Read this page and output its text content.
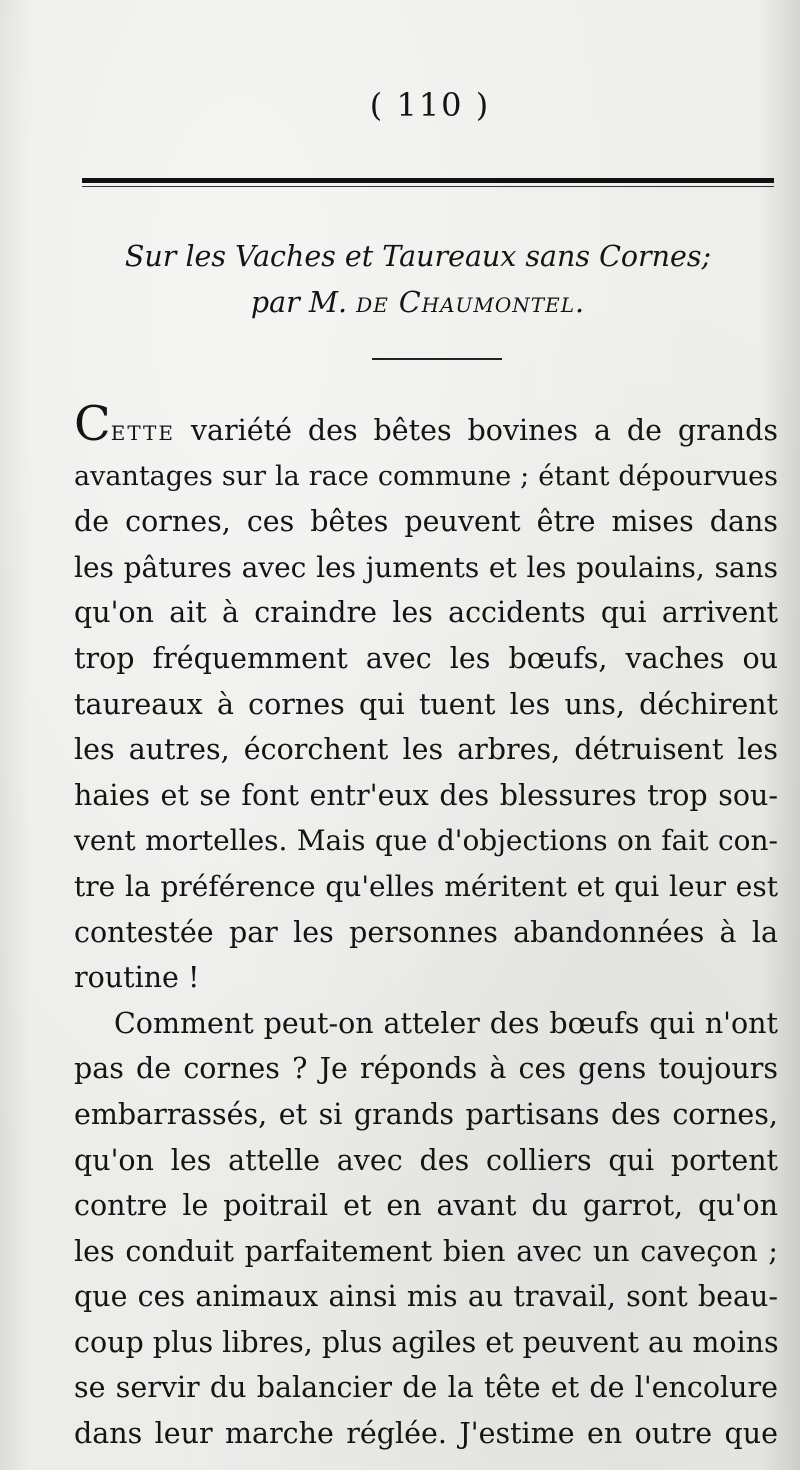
( 110 )
Sur les Vaches et Taureaux sans Cornes;
par M. de Chaumontel.
Cette variété des bêtes bovines a de grands
avantages sur la race commune ; étant dépourvues
de cornes, ces bêtes peuvent être mises dans
les pâtures avec les juments et les poulains, sans
qu'on ait à craindre les accidents qui arrivent
trop fréquemment avec les bœufs, vaches ou
taureaux à cornes qui tuent les uns, déchirent
les autres, écorchent les arbres, détruisent les
haies et se font entr'eux des blessures trop sou-
vent mortelles. Mais que d'objections on fait con-
tre la préférence qu'elles méritent et qui leur est
contestée par les personnes abandonnées à la
routine !
Comment peut-on atteler des bœufs qui n'ont
pas de cornes ? Je réponds à ces gens toujours
embarrassés, et si grands partisans des cornes,
qu'on les attelle avec des colliers qui portent
contre le poitrail et en avant du garrot, qu'on
les conduit parfaitement bien avec un caveçon ;
que ces animaux ainsi mis au travail, sont beau-
coup plus libres, plus agiles et peuvent au moins
se servir du balancier de la tête et de l'encolure
dans leur marche réglée. J'estime en outre que
